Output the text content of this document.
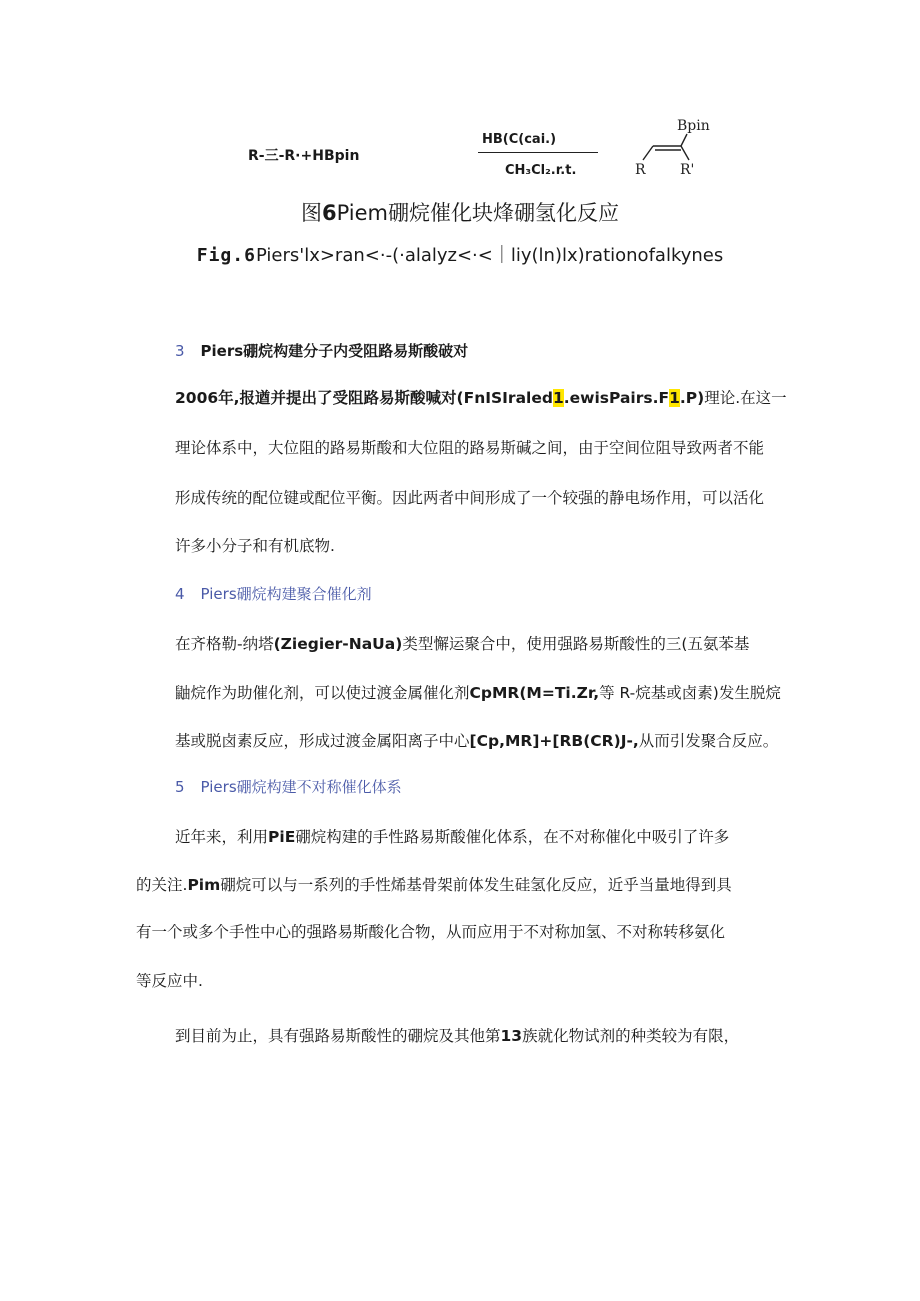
R-三-R·+HBpin
HB(C(cai.)
CH₃Cl₂.r.t.
Bpin
R R'
图6Piem硼烷催化块烽硼氢化反应
Fig.6Piers'lx>ran<·-(·alalyz<·<｜liy(ln)lx)rationofalkynes
3 Piers硼烷构建分子内受阻路易斯酸破对
2006年,报遒并提出了受阻路易斯酸喊对(FnISIraled1.ewisPairs.F1.P)理论.在这一
理论体系中，大位阻的路易斯酸和大位阻的路易斯碱之间，由于空间位阻导致两者不能
形成传统的配位键或配位平衡。因此两者中间形成了一个较强的静电场作用，可以活化
许多小分子和有机底物.
4 Piers硼烷构建聚合催化剂
在齐格勒-纳塔(Ziegier-NaUa)类型懈运聚合中，使用强路易斯酸性的三(五氨苯基
鼬烷作为助催化剂，可以使过渡金属催化剂CpMR(M=Ti.Zr,等 R-烷基或卤素)发生脱烷
基或脱卤素反应，形成过渡金属阳离子中心[Cp,MR]+[RB(CR)J-,从而引发聚合反应。
5 Piers硼烷构建不对称催化体系
近年来，利用PiE硼烷构建的手性路易斯酸催化体系，在不对称催化中吸引了许多
的关注.Pim硼烷可以与一系列的手性烯基骨架前体发生硅氢化反应，近乎当量地得到具
有一个或多个手性中心的强路易斯酸化合物，从而应用于不对称加氢、不对称转移氨化
等反应中.
到目前为止，具有强路易斯酸性的硼烷及其他第13族就化物试剂的种类较为有限，
